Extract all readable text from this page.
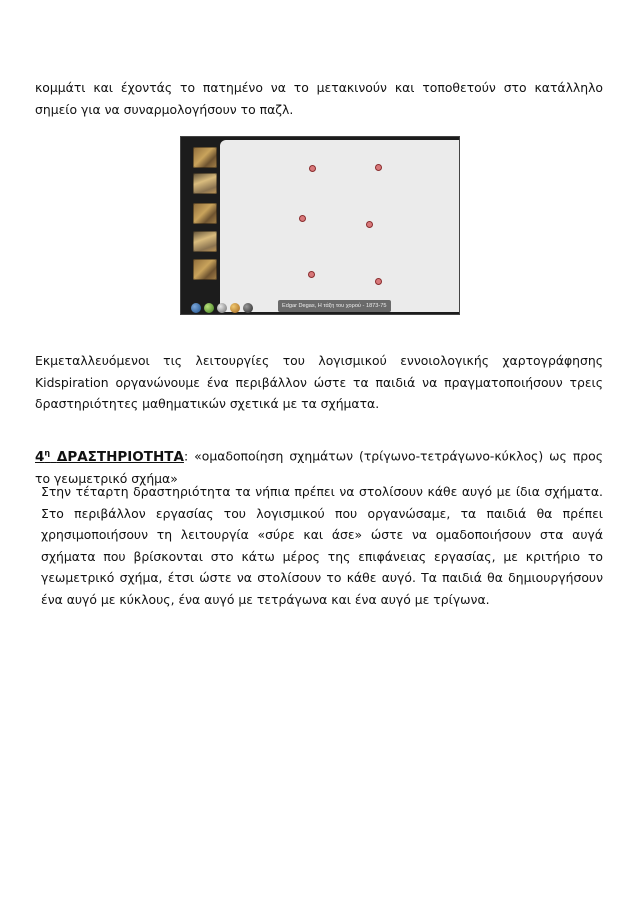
κομμάτι και έχοντάς το πατημένο να το μετακινούν και τοποθετούν στο κατάλληλο σημείο για να συναρμολογήσουν το παζλ.
Edgar Degas, Η τάξη του χορού - 1873-75
Εκμεταλλευόμενοι τις λειτουργίες του λογισμικού εννοιολογικής χαρτογράφησης Kidspiration οργανώνουμε ένα περιβάλλον ώστε τα παιδιά να πραγματοποιήσουν τρεις δραστηριότητες μαθηματικών σχετικά με τα σχήματα.
$4^\eta$ ΔΡΑΣΤΗΡΙΟΤΗΤΑ: «ομαδοποίηση σχημάτων (τρίγωνο-τετράγωνο-κύκλος) ως προς το γεωμετρικό σχήμα»
Στην τέταρτη δραστηριότητα τα νήπια πρέπει να στολίσουν κάθε αυγό με ίδια σχήματα. Στο περιβάλλον εργασίας του λογισμικού που οργανώσαμε, τα παιδιά θα πρέπει χρησιμοποιήσουν τη λειτουργία «σύρε και άσε» ώστε να ομαδοποιήσουν στα αυγά σχήματα που βρίσκονται στο κάτω μέρος της επιφάνειας εργασίας, με κριτήριο το γεωμετρικό σχήμα, έτσι ώστε να στολίσουν το κάθε αυγό. Τα παιδιά θα δημιουργήσουν ένα αυγό με κύκλους, ένα αυγό με τετράγωνα και ένα αυγό με τρίγωνα.
